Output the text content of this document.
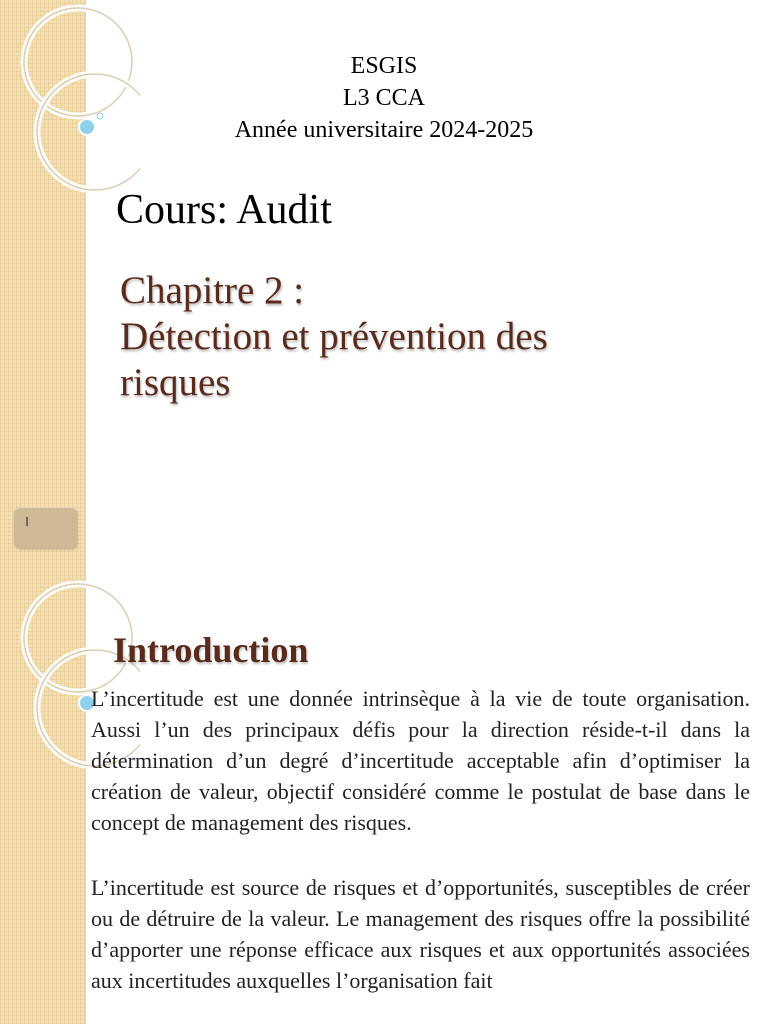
ESGIS
L3 CCA
Année universitaire 2024-2025
Cours: Audit
Chapitre 2 :
Détection et prévention des
risques
I
Introduction
L’incertitude est une donnée intrinsèque à la vie de toute organisation. Aussi l’un des principaux défis pour la direction réside-t-il dans la détermination d’un degré d’incertitude acceptable afin d’optimiser la création de valeur, objectif considéré comme le postulat de base dans le concept de management des risques.
L’incertitude est source de risques et d’opportunités, susceptibles de créer ou de détruire de la valeur. Le management des risques offre la possibilité d’apporter une réponse efficace aux risques et aux opportunités associées aux incertitudes auxquelles l’organisation fait
